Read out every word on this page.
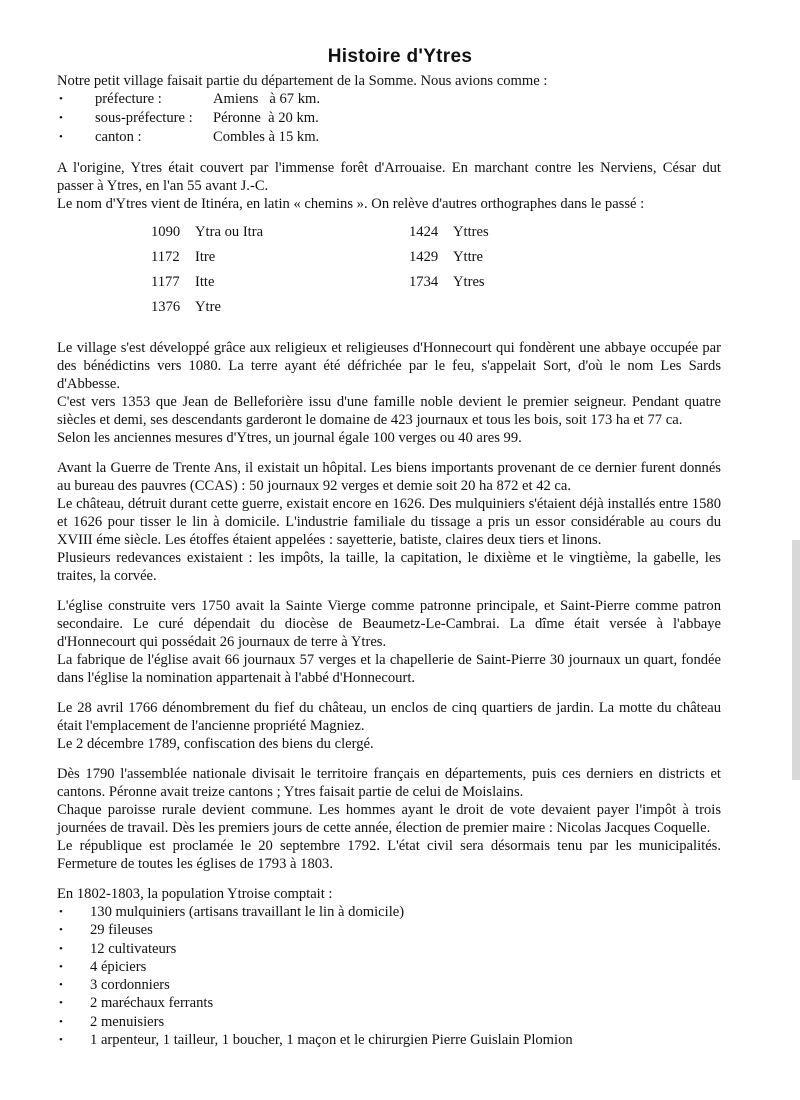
Histoire d'Ytres

Notre petit village faisait partie du département de la Somme. Nous avions comme :

• préfecture :	Amiens   à 67 km.
• sous-préfecture : Péronne  à 20 km.
• canton :	Combles à 15 km.

A l'origine, Ytres était couvert par l'immense forêt d'Arrouaise. En marchant contre les Nerviens, César dut passer à Ytres, en l'an 55 avant J.-C.

Le nom d'Ytres vient de Itinéra, en latin « chemins ». On relève d'autres orthographes dans le passé :

1090 Ytra ou Itra
1172 Itre
1177 Itte
1376 Ytre
1424 Yttres
1429 Yttre
1734 Ytres

Le village s'est développé grâce aux religieux et religieuses d'Honnecourt qui fondèrent une abbaye occupée par des bénédictins vers 1080. La terre ayant été défrichée par le feu, s'appelait Sort, d'où le nom Les Sards d'Abbesse.

C'est vers 1353 que Jean de Belleforière issu d'une famille noble devient le premier seigneur. Pendant quatre siècles et demi, ses descendants garderont le domaine de 423 journaux et tous les bois, soit 173 ha et 77 ca.

Selon les anciennes mesures d'Ytres, un journal égale 100 verges ou 40 ares 99.

Avant la Guerre de Trente Ans, il existait un hôpital. Les biens importants provenant de ce dernier furent donnés au bureau des pauvres (CCAS) : 50 journaux 92 verges et demie soit 20 ha 872 et 42 ca.

Le château, détruit durant cette guerre, existait encore en 1626. Des mulquiniers s'étaient déjà installés entre 1580 et 1626 pour tisser le lin à domicile. L'industrie familiale du tissage a pris un essor considérable au cours du XVIII éme siècle. Les étoffes étaient appelées : sayetterie, batiste, claires deux tiers et linons.

Plusieurs redevances existaient : les impôts, la taille, la capitation, le dixième et le vingtième, la gabelle, les traites, la corvée.

L'église construite vers 1750 avait la Sainte Vierge comme patronne principale, et Saint-Pierre comme patron secondaire. Le curé dépendait du diocèse de Beaumetz-Le-Cambrai. La dîme était versée à l'abbaye d'Honnecourt qui possédait 26 journaux de terre à Ytres.

La fabrique de l'église avait 66 journaux 57 verges et la chapellerie de Saint-Pierre 30 journaux un quart, fondée dans l'église la nomination appartenait à l'abbé d'Honnecourt.

Le 28 avril 1766 dénombrement du fief du château, un enclos de cinq quartiers de jardin. La motte du château était l'emplacement de l'ancienne propriété Magniez.

Le 2 décembre 1789, confiscation des biens du clergé.

Dès 1790 l'assemblée nationale divisait le territoire français en départements, puis ces derniers en districts et cantons. Péronne avait treize cantons ; Ytres faisait partie de celui de Moislains.

Chaque paroisse rurale devient commune. Les hommes ayant le droit de vote devaient payer l'impôt à trois journées de travail. Dès les premiers jours de cette année, élection de premier maire : Nicolas Jacques Coquelle.

Le république est proclamée le 20 septembre 1792. L'état civil sera désormais tenu par les municipalités. Fermeture de toutes les églises de 1793 à 1803.

En 1802-1803, la population Ytroise comptait :

• 130 mulquiniers (artisans travaillant le lin à domicile)
• 29 fileuses
• 12 cultivateurs
• 4 épiciers
• 3 cordonniers
• 2 maréchaux ferrants
• 2 menuisiers
• 1 arpenteur, 1 tailleur, 1 boucher, 1 maçon et le chirurgien Pierre Guislain Plomion
